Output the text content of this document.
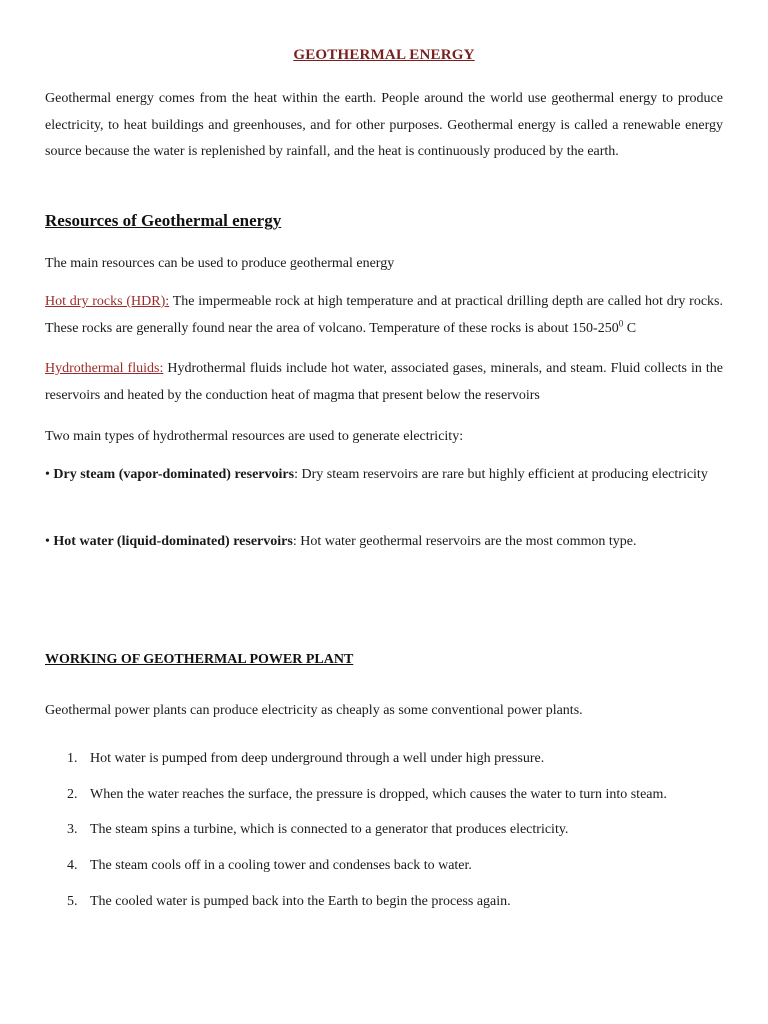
GEOTHERMAL ENERGY
Geothermal energy comes from the heat within the earth. People around the world use geothermal energy to produce electricity, to heat buildings and greenhouses, and for other purposes. Geothermal energy is called a renewable energy source because the water is replenished by rainfall, and the heat is continuously produced by the earth.
Resources of Geothermal energy
The main resources can be used to produce geothermal energy
Hot dry rocks (HDR): The impermeable rock at high temperature and at practical drilling depth are called hot dry rocks. These rocks are generally found near the area of volcano. Temperature of these rocks is about $150-250^0$ C
Hydrothermal fluids: Hydrothermal fluids include hot water, associated gases, minerals, and steam. Fluid collects in the reservoirs and heated by the conduction heat of magma that present below the reservoirs
Two main types of hydrothermal resources are used to generate electricity:
• Dry steam (vapor-dominated) reservoirs: Dry steam reservoirs are rare but highly efficient at producing electricity
• Hot water (liquid-dominated) reservoirs: Hot water geothermal reservoirs are the most common type.
WORKING OF GEOTHERMAL POWER PLANT
Geothermal power plants can produce electricity as cheaply as some conventional power plants.
1. Hot water is pumped from deep underground through a well under high pressure.
2. When the water reaches the surface, the pressure is dropped, which causes the water to turn into steam.
3. The steam spins a turbine, which is connected to a generator that produces electricity.
4. The steam cools off in a cooling tower and condenses back to water.
5. The cooled water is pumped back into the Earth to begin the process again.
